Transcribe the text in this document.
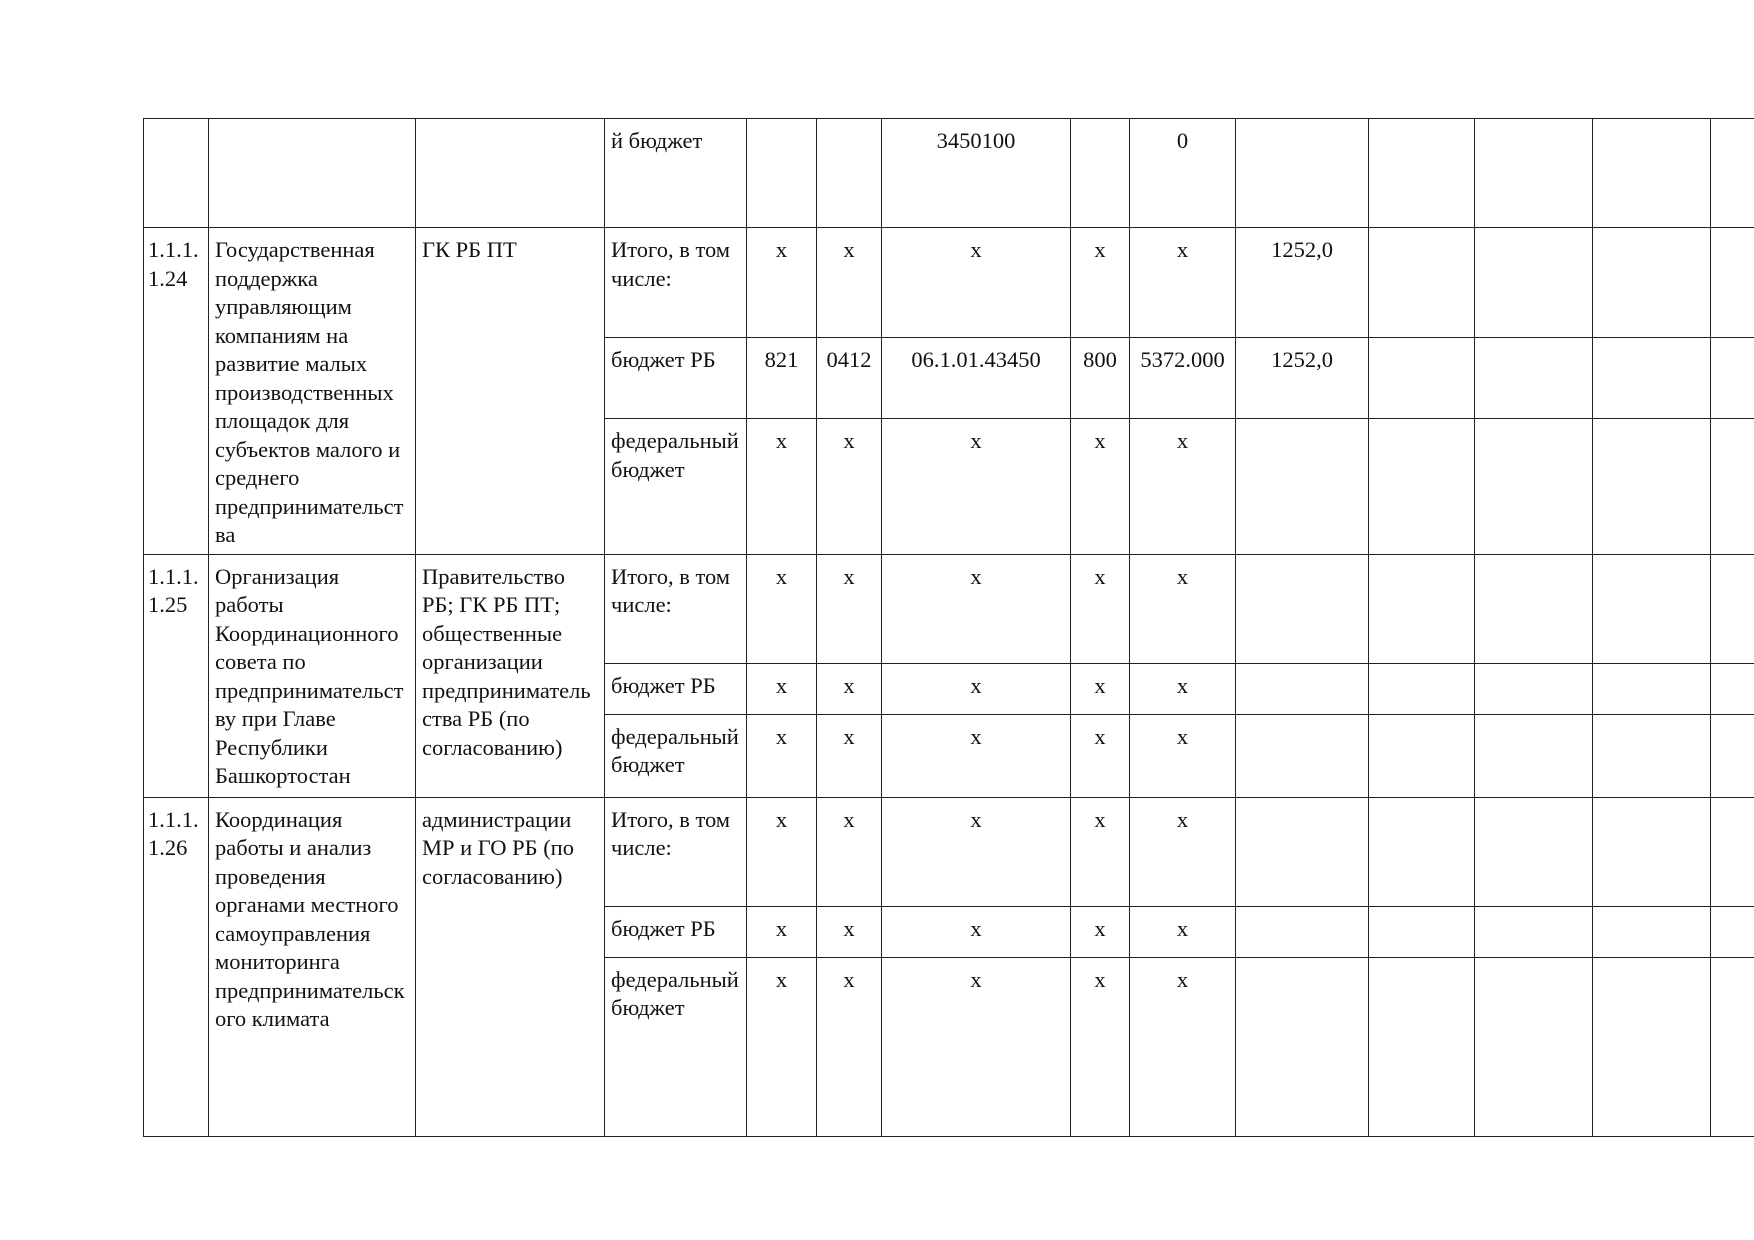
			й бюджет			3450100		0					
1.1.1.1.24	Государственная поддержка управляющим компаниям на развитие малых производственных площадок для субъектов малого и среднего предпринимательства	ГК РБ ПТ	Итого, в том числе:	х	х	х	х	х	1252,0				
			бюджет РБ	821	0412	06.1.01.43450	800	5372.000	1252,0				
			федеральный бюджет	х	х	х	х	х					
1.1.1.1.25	Организация работы Координационного совета по предпринимательству при Главе Республики Башкортостан	Правительство РБ; ГК РБ ПТ; общественные организации предпринимательства РБ (по согласованию)	Итого, в том числе:	х	х	х	х	х					
			бюджет РБ	х	х	х	х	х					
			федеральный бюджет	х	х	х	х	х					
1.1.1.1.26	Координация работы и анализ проведения органами местного самоуправления мониторинга предпринимательского климата	администрации МР и ГО РБ (по согласованию)	Итого, в том числе:	х	х	х	х	х					
			бюджет РБ	х	х	х	х	х					
			федеральный бюджет	х	х	х	х	х					
